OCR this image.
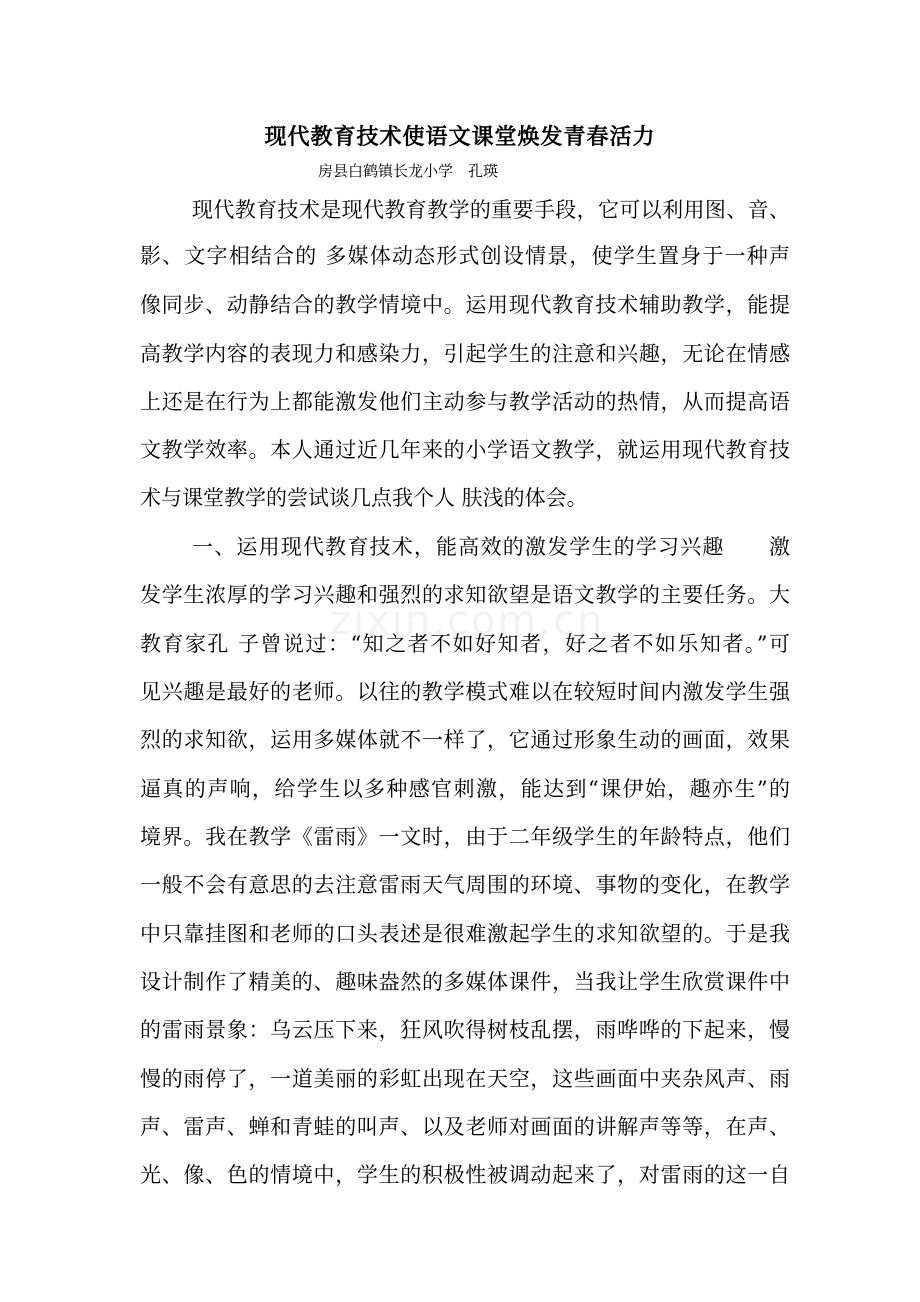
zixin.com.cn
现代教育技术使语文课堂焕发青春活力
房县白鹤镇长龙小学　孔瑛
现代教育技术是现代教育教学的重要手段，它可以利用图、音、
影、文字相结合的 多媒体动态形式创设情景，使学生置身于一种声
像同步、动静结合的教学情境中。运用现代教育技术辅助教学，能提
高教学内容的表现力和感染力，引起学生的注意和兴趣，无论在情感
上还是在行为上都能激发他们主动参与教学活动的热情，从而提高语
文教学效率。本人通过近几年来的小学语文教学，就运用现代教育技
术与课堂教学的尝试谈几点我个人 肤浅的体会。
一、运用现代教育技术，能高效的激发学生的学习兴趣　　激
发学生浓厚的学习兴趣和强烈的求知欲望是语文教学的主要任务。大
教育家孔 子曾说过：“知之者不如好知者，好之者不如乐知者。”可
见兴趣是最好的老师。以往的教学模式难以在较短时间内激发学生强
烈的求知欲，运用多媒体就不一样了，它通过形象生动的画面，效果
逼真的声响，给学生以多种感官刺激，能达到“课伊始，趣亦生”的
境界。我在教学《雷雨》一文时，由于二年级学生的年龄特点，他们
一般不会有意思的去注意雷雨天气周围的环境、事物的变化，在教学
中只靠挂图和老师的口头表述是很难激起学生的求知欲望的。于是我
设计制作了精美的、趣味盎然的多媒体课件，当我让学生欣赏课件中
的雷雨景象：乌云压下来，狂风吹得树枝乱摆，雨哗哗的下起来，慢
慢的雨停了，一道美丽的彩虹出现在天空，这些画面中夹杂风声、雨
声、雷声、蝉和青蛙的叫声、以及老师对画面的讲解声等等，在声、
光、像、色的情境中，学生的积极性被调动起来了，对雷雨的这一自
